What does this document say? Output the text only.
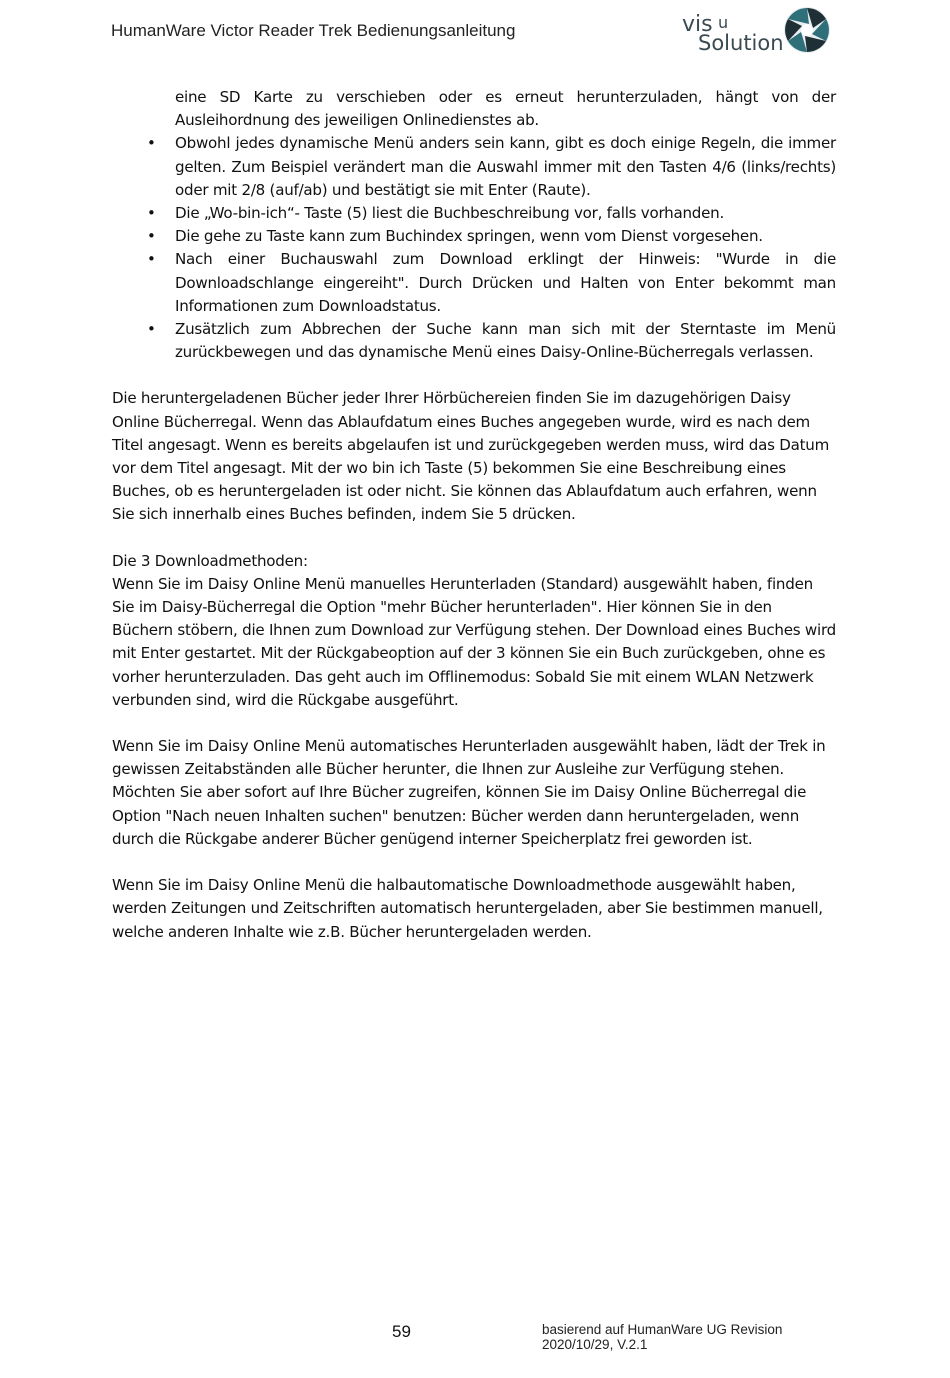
HumanWare Victor Reader Trek Bedienungsanleitung	vis u
Solution
eine SD Karte zu verschieben oder es erneut herunterzuladen, hängt von der Ausleihordnung des jeweiligen Onlinedienstes ab.
• Obwohl jedes dynamische Menü anders sein kann, gibt es doch einige Regeln, die immer gelten. Zum Beispiel verändert man die Auswahl immer mit den Tasten 4/6 (links/rechts) oder mit 2/8 (auf/ab) und bestätigt sie mit Enter (Raute).
• Die „Wo-bin-ich“- Taste (5) liest die Buchbeschreibung vor, falls vorhanden.
• Die gehe zu Taste kann zum Buchindex springen, wenn vom Dienst vorgesehen.
• Nach einer Buchauswahl zum Download erklingt der Hinweis: "Wurde in die Downloadschlange eingereiht". Durch Drücken und Halten von Enter bekommt man Informationen zum Downloadstatus.
• Zusätzlich zum Abbrechen der Suche kann man sich mit der Sterntaste im Menü zurückbewegen und das dynamische Menü eines Daisy-Online-Bücherregals verlassen.

Die heruntergeladenen Bücher jeder Ihrer Hörbüchereien finden Sie im dazugehörigen Daisy Online Bücherregal. Wenn das Ablaufdatum eines Buches angegeben wurde, wird es nach dem Titel angesagt. Wenn es bereits abgelaufen ist und zurückgegeben werden muss, wird das Datum vor dem Titel angesagt. Mit der wo bin ich Taste (5) bekommen Sie eine Beschreibung eines Buches, ob es heruntergeladen ist oder nicht. Sie können das Ablaufdatum auch erfahren, wenn Sie sich innerhalb eines Buches befinden, indem Sie 5 drücken.

Die 3 Downloadmethoden:
Wenn Sie im Daisy Online Menü manuelles Herunterladen (Standard) ausgewählt haben, finden Sie im Daisy-Bücherregal die Option "mehr Bücher herunterladen". Hier können Sie in den Büchern stöbern, die Ihnen zum Download zur Verfügung stehen. Der Download eines Buches wird mit Enter gestartet. Mit der Rückgabeoption auf der 3 können Sie ein Buch zurückgeben, ohne es vorher herunterzuladen. Das geht auch im Offlinemodus: Sobald Sie mit einem WLAN Netzwerk verbunden sind, wird die Rückgabe ausgeführt.

Wenn Sie im Daisy Online Menü automatisches Herunterladen ausgewählt haben, lädt der Trek in gewissen Zeitabständen alle Bücher herunter, die Ihnen zur Ausleihe zur Verfügung stehen. Möchten Sie aber sofort auf Ihre Bücher zugreifen, können Sie im Daisy Online Bücherregal die Option "Nach neuen Inhalten suchen" benutzen: Bücher werden dann heruntergeladen, wenn durch die Rückgabe anderer Bücher genügend interner Speicherplatz frei geworden ist.

Wenn Sie im Daisy Online Menü die halbautomatische Downloadmethode ausgewählt haben, werden Zeitungen und Zeitschriften automatisch heruntergeladen, aber Sie bestimmen manuell, welche anderen Inhalte wie z.B. Bücher heruntergeladen werden.

59	basierend auf HumanWare UG Revision
2020/10/29, V.2.1
